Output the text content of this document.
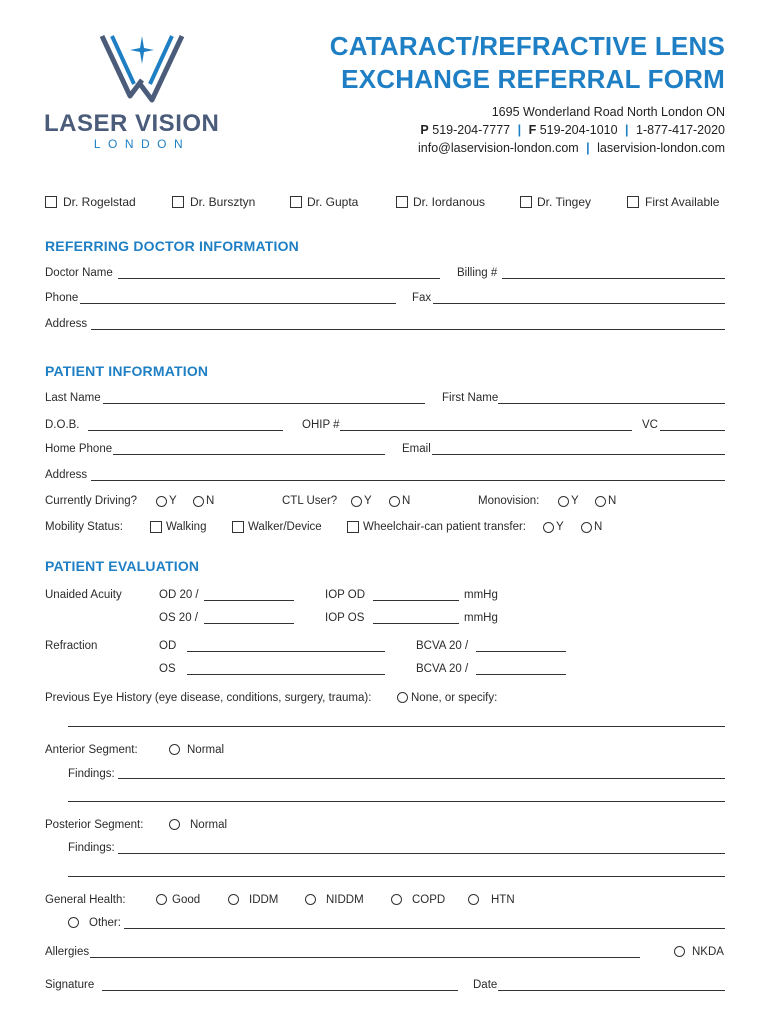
LASER VISION
LONDON
CATARACT/REFRACTIVE LENS
EXCHANGE REFERRAL FORM
1695 Wonderland Road North London ON
P 519-204-7777 | F 519-204-1010 | 1-877-417-2020
info@laservision-london.com | laservision-london.com
Dr. Rogelstad	Dr. Bursztyn	Dr. Gupta	Dr. Iordanous	Dr. Tingey	First Available
REFERRING DOCTOR INFORMATION
Doctor Name	Billing #
Phone	Fax
Address
PATIENT INFORMATION
Last Name	First Name
D.O.B.	OHIP #	VC
Home Phone	Email
Address
Currently Driving?	Y	N	CTL User? Y	N	Monovision:	Y	N
Mobility Status:	Walking	Walker/Device	Wheelchair-can patient transfer:	Y	N
PATIENT EVALUATION
Unaided Acuity	OD 20 /	IOP OD	mmHg
OS 20 /	IOP OS	mmHg
Refraction	OD	BCVA 20 /
OS	BCVA 20 /
Previous Eye History (eye disease, conditions, surgery, trauma):	None, or specify:
Anterior Segment:	Normal
Findings:
Posterior Segment:	Normal
Findings:
General Health:	Good	IDDM	NIDDM	COPD	HTN
Other:
Allergies	NKDA
Signature	Date
